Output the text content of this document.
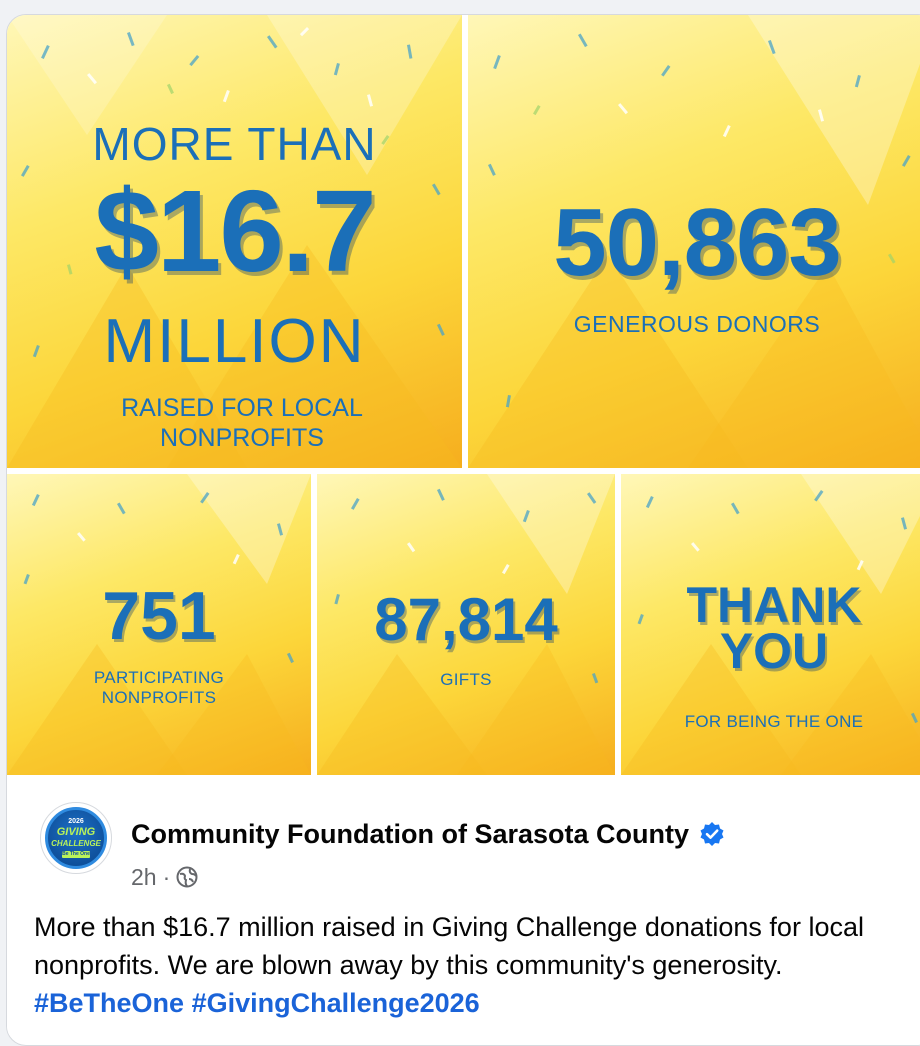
MORE THAN
$16.7
MILLION
RAISED FOR LOCAL NONPROFITS
50,863
GENEROUS DONORS
751
PARTICIPATING NONPROFITS
87,814
GIFTS
THANK
YOU
FOR BEING THE ONE
2026
GIVING
CHALLENGE
Be The One
Community Foundation of Sarasota County
2h ·
More than $16.7 million raised in Giving Challenge donations for local nonprofits. We are blown away by this community's generosity. #BeTheOne #GivingChallenge2026
